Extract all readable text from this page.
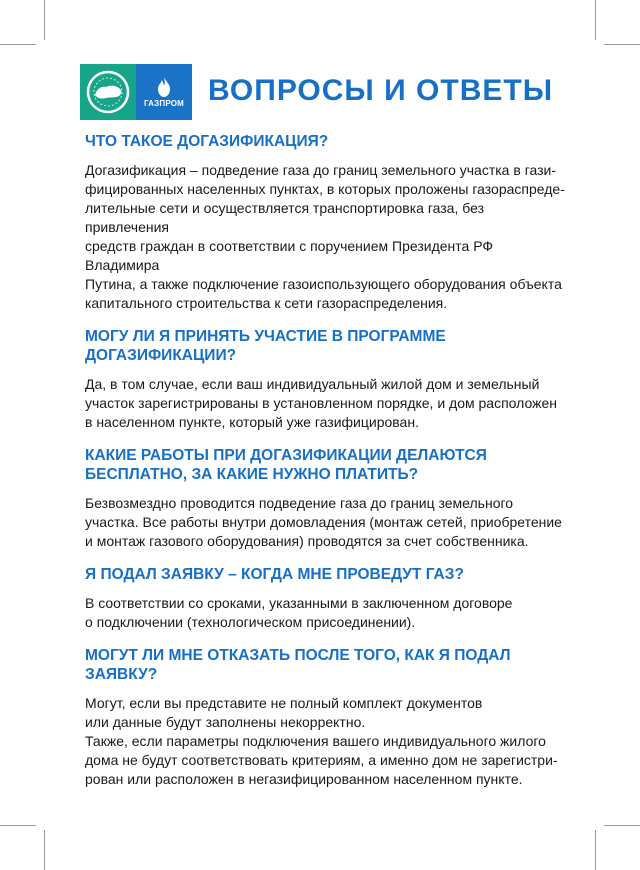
ГАЗПРОМ ВОПРОСЫ И ОТВЕТЫ
ЧТО ТАКОЕ ДОГАЗИФИКАЦИЯ?
Догазификация – подведение газа до границ земельного участка в гази-
фицированных населенных пунктах, в которых проложены газораспреде-
лительные сети и осуществляется транспортировка газа, без привлечения
средств граждан в соответствии с поручением Президента РФ Владимира
Путина, а также подключение газоиспользующего оборудования объекта
капитального строительства к сети газораспределения.
МОГУ ЛИ Я ПРИНЯТЬ УЧАСТИЕ В ПРОГРАММЕ ДОГАЗИФИКАЦИИ?
Да, в том случае, если ваш индивидуальный жилой дом и земельный
участок зарегистрированы в установленном порядке, и дом расположен
в населенном пункте, который уже газифицирован.
КАКИЕ РАБОТЫ ПРИ ДОГАЗИФИКАЦИИ ДЕЛАЮТСЯ БЕСПЛАТНО, ЗА КАКИЕ НУЖНО ПЛАТИТЬ?
Безвозмездно проводится подведение газа до границ земельного
участка. Все работы внутри домовладения (монтаж сетей, приобретение
и монтаж газового оборудования) проводятся за счет собственника.
Я ПОДАЛ ЗАЯВКУ – КОГДА МНЕ ПРОВЕДУТ ГАЗ?
В соответствии со сроками, указанными в заключенном договоре
о подключении (технологическом присоединении).
МОГУТ ЛИ МНЕ ОТКАЗАТЬ ПОСЛЕ ТОГО, КАК Я ПОДАЛ ЗАЯВКУ?
Могут, если вы представите не полный комплект документов
или данные будут заполнены некорректно.
Также, если параметры подключения вашего индивидуального жилого
дома не будут соответствовать критериям, а именно дом не зарегистри-
рован или расположен в негазифицированном населенном пункте.
